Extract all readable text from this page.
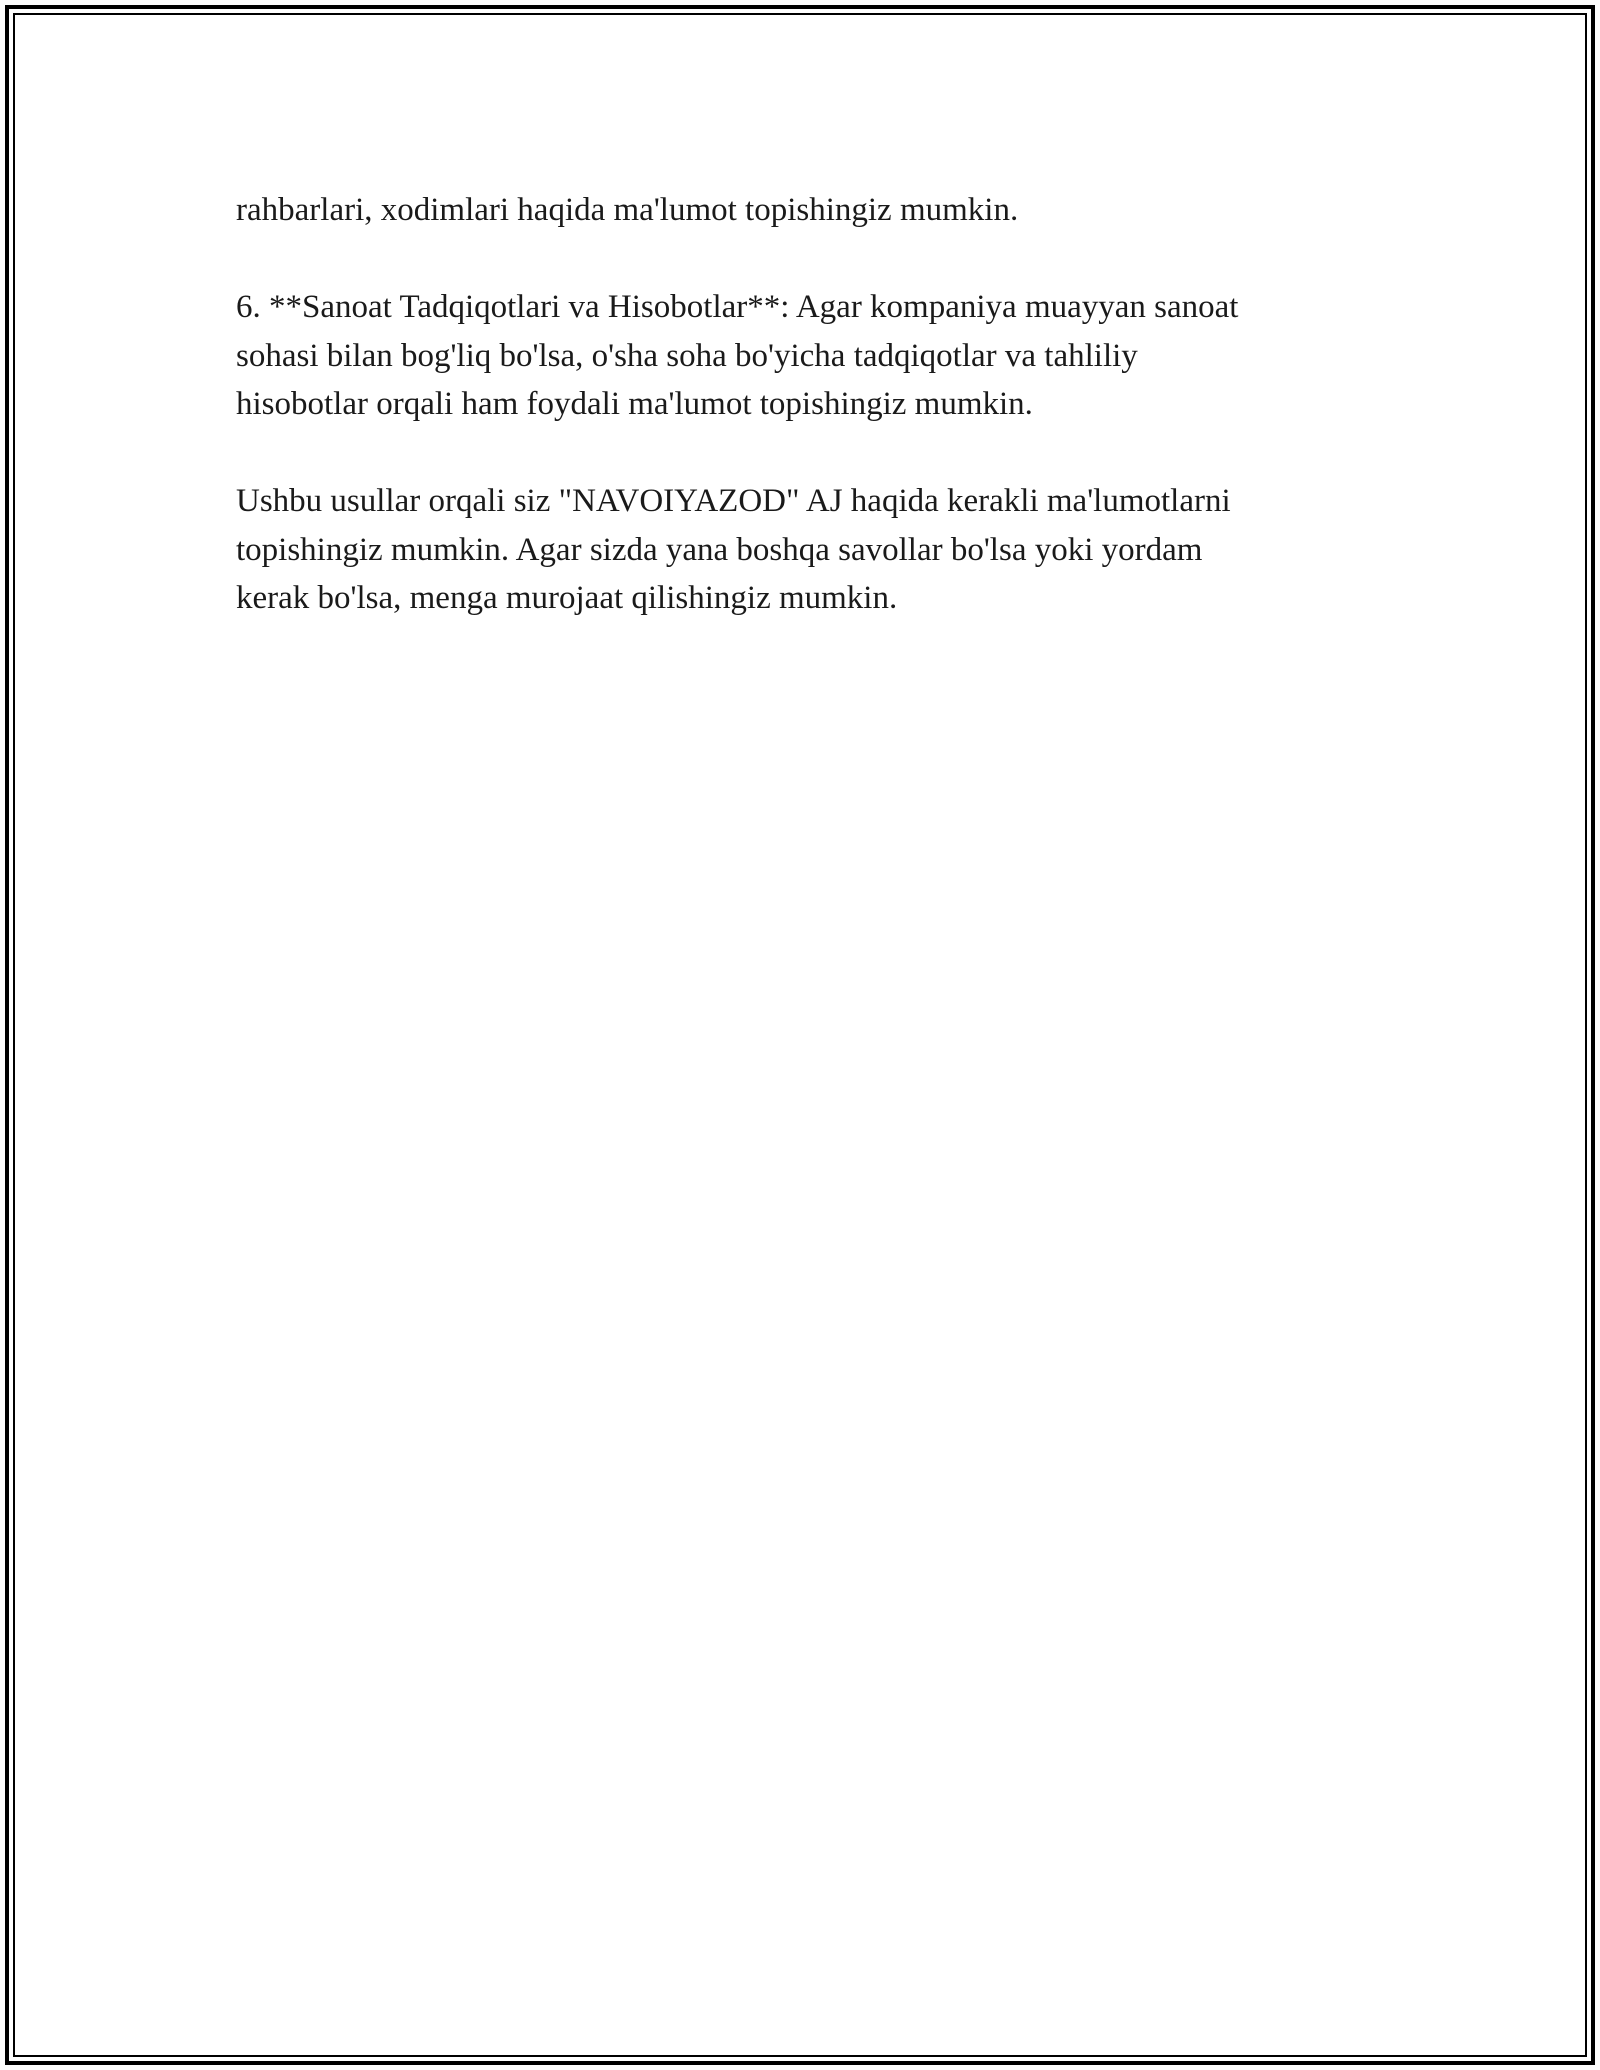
rahbarlari, xodimlari haqida ma'lumot topishingiz mumkin.

6. **Sanoat Tadqiqotlari va Hisobotlar**: Agar kompaniya muayyan sanoat
sohasi bilan bog'liq bo'lsa, o'sha soha bo'yicha tadqiqotlar va tahliliy
hisobotlar orqali ham foydali ma'lumot topishingiz mumkin.

Ushbu usullar orqali siz "NAVOIYAZOD" AJ haqida kerakli ma'lumotlarni
topishingiz mumkin. Agar sizda yana boshqa savollar bo'lsa yoki yordam
kerak bo'lsa, menga murojaat qilishingiz mumkin.
